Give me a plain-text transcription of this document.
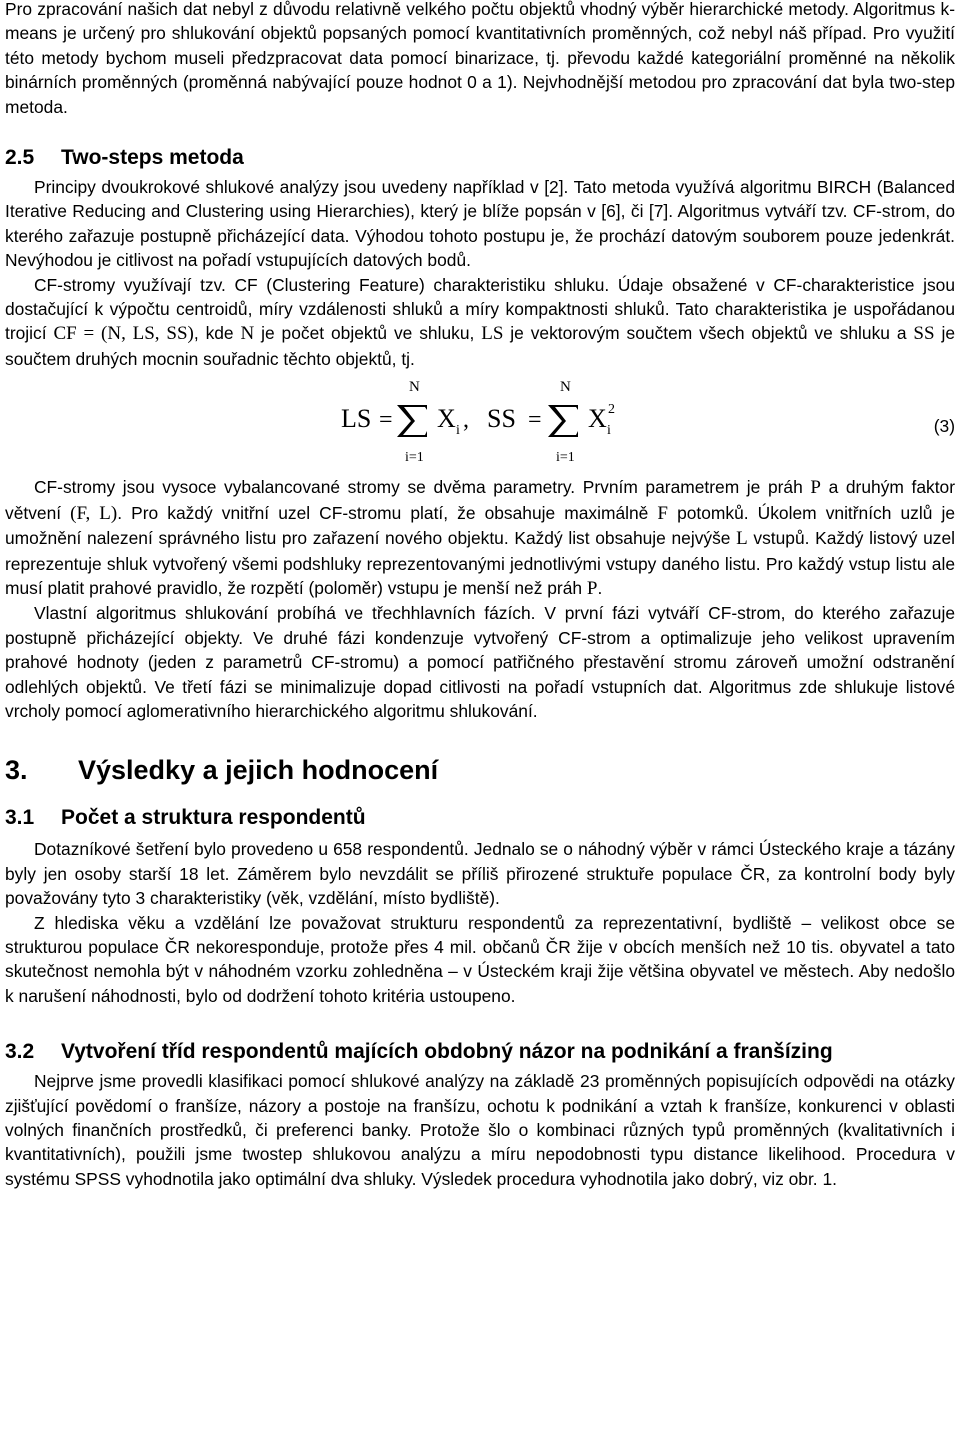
Pro zpracování našich dat nebyl z důvodu relativně velkého počtu objektů vhodný výběr hierarchické metody. Algoritmus k-means je určený pro shlukování objektů popsaných pomocí kvantitativních proměnných, což nebyl náš případ. Pro využití této metody bychom museli předzpracovat data pomocí binarizace, tj. převodu každé kategoriální proměnné na několik binárních proměnných (proměnná nabývající pouze hodnot 0 a 1). Nejvhodnější metodou pro zpracování dat byla two-step metoda.

2.5 Two-steps metoda

Principy dvoukrokové shlukové analýzy jsou uvedeny například v [2]. Tato metoda využívá algoritmu BIRCH (Balanced Iterative Reducing and Clustering using Hierarchies), který je blíže popsán v [6], či [7]. Algoritmus vytváří tzv. CF-strom, do kterého zařazuje postupně přicházející data. Výhodou tohoto postupu je, že prochází datovým souborem pouze jedenkrát. Nevýhodou je citlivost na pořadí vstupujících datových bodů.

CF-stromy využívají tzv. CF (Clustering Feature) charakteristiku shluku. Údaje obsažené v CF-charakteristice jsou dostačující k výpočtu centroidů, míry vzdálenosti shluků a míry kompaktnosti shluků. Tato charakteristika je uspořádanou trojicí CF = (N, LS, SS), kde N je počet objektů ve shluku, LS je vektorovým součtem všech objektů ve shluku a SS je součtem druhých mocnin souřadnic těchto objektů, tj.

LS =
N
i=1
X i , SS =
N
i=1
X 2
i	(3)

CF-stromy jsou vysoce vybalancované stromy se dvěma parametry. Prvním parametrem je práh P a druhým faktor větvení (F, L). Pro každý vnitřní uzel CF-stromu platí, že obsahuje maximálně F potomků. Úkolem vnitřních uzlů je umožnění nalezení správného listu pro zařazení nového objektu. Každý list obsahuje nejvýše L vstupů. Každý listový uzel reprezentuje shluk vytvořený všemi podshluky reprezentovanými jednotlivými vstupy daného listu. Pro každý vstup listu ale musí platit prahové pravidlo, že rozpětí (poloměr) vstupu je menší než práh P.

Vlastní algoritmus shlukování probíhá ve třechhlavních fázích. V první fázi vytváří CF-strom, do kterého zařazuje postupně přicházející objekty. Ve druhé fázi kondenzuje vytvořený CF-strom a optimalizuje jeho velikost upravením prahové hodnoty (jeden z parametrů CF-stromu) a pomocí patřičného přestavění stromu zároveň umožní odstranění odlehlých objektů. Ve třetí fázi se minimalizuje dopad citlivosti na pořadí vstupních dat. Algoritmus zde shlukuje listové vrcholy pomocí aglomerativního hierarchického algoritmu shlukování.

3. Výsledky a jejich hodnocení
3.1 Počet a struktura respondentů

Dotazníkové šetření bylo provedeno u 658 respondentů. Jednalo se o náhodný výběr v rámci Ústeckého kraje a tázány byly jen osoby starší 18 let. Záměrem bylo nevzdálit se příliš přirozené struktuře populace ČR, za kontrolní body byly považovány tyto 3 charakteristiky (věk, vzdělání, místo bydliště).

Z hlediska věku a vzdělání lze považovat strukturu respondentů za reprezentativní, bydliště – velikost obce se strukturou populace ČR nekoresponduje, protože přes 4 mil. občanů ČR žije v obcích menších než 10 tis. obyvatel a tato skutečnost nemohla být v náhodném vzorku zohledněna – v Ústeckém kraji žije většina obyvatel ve městech. Aby nedošlo k narušení náhodnosti, bylo od dodržení tohoto kritéria ustoupeno.

3.2 Vytvoření tříd respondentů majících obdobný názor na podnikání a franšízing

Nejprve jsme provedli klasifikaci pomocí shlukové analýzy na základě 23 proměnných popisujících odpovědi na otázky zjišťující povědomí o franšíze, názory a postoje na franšízu, ochotu k podnikání a vztah k franšíze, konkurenci v oblasti volných finančních prostředků, či preferenci banky. Protože šlo o kombinaci různých typů proměnných (kvalitativních i kvantitativních), použili jsme twostep shlukovou analýzu a míru nepodobnosti typu distance likelihood. Procedura v systému SPSS vyhodnotila jako optimální dva shluky. Výsledek procedura vyhodnotila jako dobrý, viz obr. 1.
